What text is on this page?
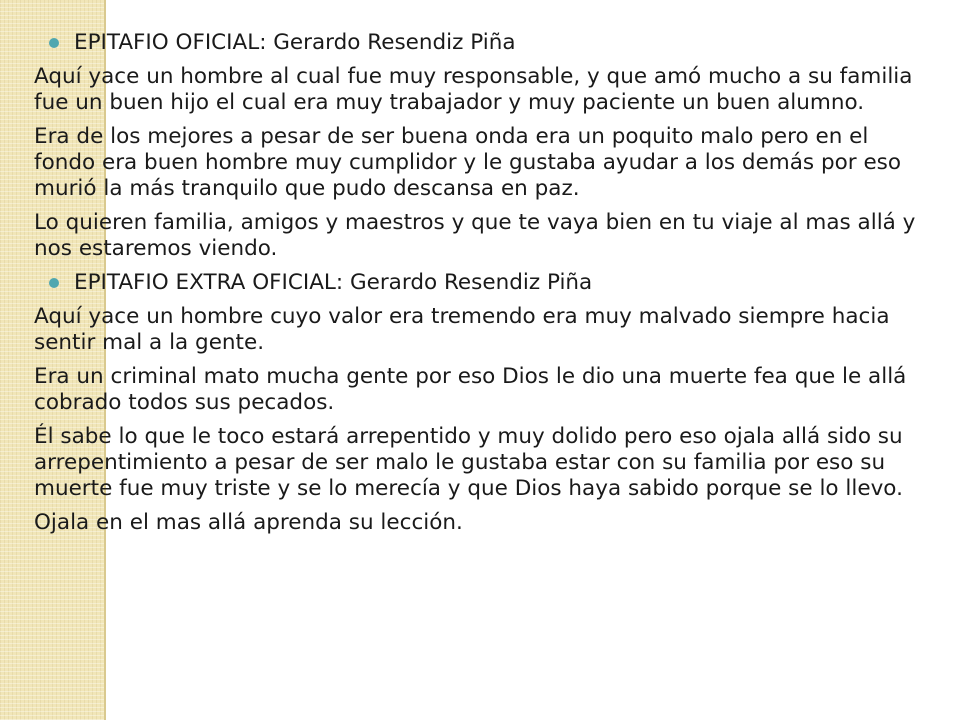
EPITAFIO OFICIAL: Gerardo Resendiz Piña

Aquí yace un hombre al cual fue muy responsable, y que amó mucho a su familia fue un buen hijo el cual era muy trabajador y muy paciente un buen alumno.

Era de los mejores a pesar de ser buena onda era un poquito malo pero en el fondo era buen hombre muy cumplidor y le gustaba ayudar a los demás por eso murió la más tranquilo que pudo descansa en paz.

Lo quieren familia, amigos y maestros y que te vaya bien en tu viaje al mas allá y nos estaremos viendo.

EPITAFIO EXTRA OFICIAL: Gerardo Resendiz Piña

Aquí yace un hombre cuyo valor era tremendo era muy malvado siempre hacia sentir mal a la gente.

Era un criminal mato mucha gente por eso Dios le dio una muerte fea que le allá cobrado todos sus pecados.

Él sabe lo que le toco estará arrepentido y muy dolido pero eso ojala allá sido su arrepentimiento a pesar de ser malo le gustaba estar con su familia por eso su muerte fue muy triste y se lo merecía y que Dios haya sabido porque se lo llevo.

Ojala en el mas allá aprenda su lección.
